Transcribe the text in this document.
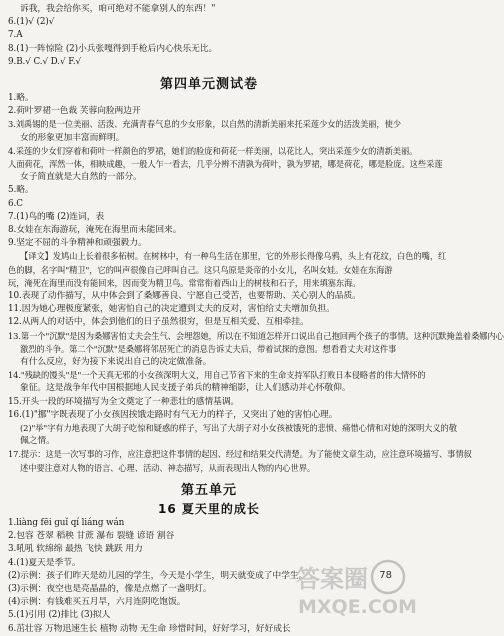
诉我，我会给你买，咱可绝对不能拿别人的东西！"
6.(1)√ (2)√
7.A
8.(1)一阵惊险 (2)小兵张嘎得到手枪后内心快乐无比。
9.B.√ C.√ D.√ F.√
第四单元测试卷
1.略。
2.荷叶罗裙一色裁 芙蓉向脸两边开
3.刘禹锡的是一位美丽、活泼、充满青春气息的少女形象，以自然的清新美丽来托采莲少女的活泼美丽，使少
女的形象更加丰富而鲜明。
4.采莲的少女们穿着和荷叶一样颜色的罗裙，她们的脸庞和荷花一样美丽，以花比人，突出采莲少女的清新美丽。
人面荷花，浑然一体，相映成趣，一般人乍一看去，几乎分辨不清孰为荷叶，孰为罗裙，哪是荷花，哪是脸庞。这些采莲
女子简直就是大自然的一部分。
5.略。
6.C
7.(1)鸟的嘴 (2)连词，表
8.女娃在东海游玩，淹死在海里而未能回来。
9.坚定不屈的斗争精神和顽强毅力。
【译文】发鸠山上长着很多柘树。在树林中，有一种鸟生活在那里，它的外形长得像乌鸦，头上有花纹，白色的嘴，红
色的脚，名字叫"精卫"，它的叫声很像自己呼叫自己。这只鸟原是炎帝的小女儿，名叫女娃。女娃在东海游
玩，淹死在海里而没有能回来，因而变为精卫鸟。常常衔着西山上的树枝和石子，用来填塞东海。
10.表现了动作描写，从中体会到了桑娜善良、宁愿自己受苦，也要帮助、关心别人的品质。
11.因为她心理极度紧张，她害怕自己的决定遭到丈夫的反对，害怕给丈夫增加负担。
12.从两人的对话中，体会到他们的日子虽然很穷，但是互相关爱、互相牵挂。
13.第一个"沉默"是因为桑娜害怕丈夫会生气、会埋怨她，所以在不知道怎样开口说出自己抱回两个孩子的事情。这种沉默掩盖着桑娜内心
激烈的斗争。第二个"沉默"是桑娜将邻居死亡的消息告诉丈夫后，带着试探的意图。想看看丈夫对这件事
有什么反应，好为接下来说出自己的决定做准备。
14."残缺的馒头"是"一个天真无邪的小女孩深明大义，用自己节省下来的生命支持军队打败日本侵略者的伟大情怀的
象征。这是战争年代中国根据地人民支援子弟兵的精神缩影，让人们感动并心怀敬仰。
15.开头一段的环境描写为全文奠定了一种悲壮的感情基调。
16.(1)"挪"字既表现了小女孩因挨饿走路时有气无力的样子，又突出了她的害怕心理。
(2)"举"字有力地表现了大胡子吃惊和疑惑的样子，写出了大胡子对小女孩被饿死的悲愤、痛惜心情和对她的深明大义的敬
佩之情。
17.提示：这是一次写事的习作，应注意把这件事情的起因、经过和结果交代清楚。为了能使文章生动，应注意环境描写、事情叙
述中要注意对人物的语言、心理、活动、神态描写，从而表现出人物的内心世界。
第五单元
16 夏天里的成长
1.liàng fēi guǐ qí liáng wán
2.包容 苍翠 稻秧 甘蔗 瀑布 裂缝 谚语 割谷
3.吼吼 软绵绵 最热 飞快 跳跃 用力
4.(1)夏天是季节。
(2)示例：孩子们昨天是幼儿园的学生，今天是小学生，明天就变成了中学生。
(3)示例：夜空也是亮晶晶的，像是点燃了一盏明灯。
(4)示例：有钱难买五月旱，六月连阴吃饱饭。
5.(1)引用 (2)排比 (3)拟人
6.茁壮容 万物迅速生长 植物 动物 无生命 珍惜时间，好好学习，好好成长
78
答案圈
MXQE.COM
